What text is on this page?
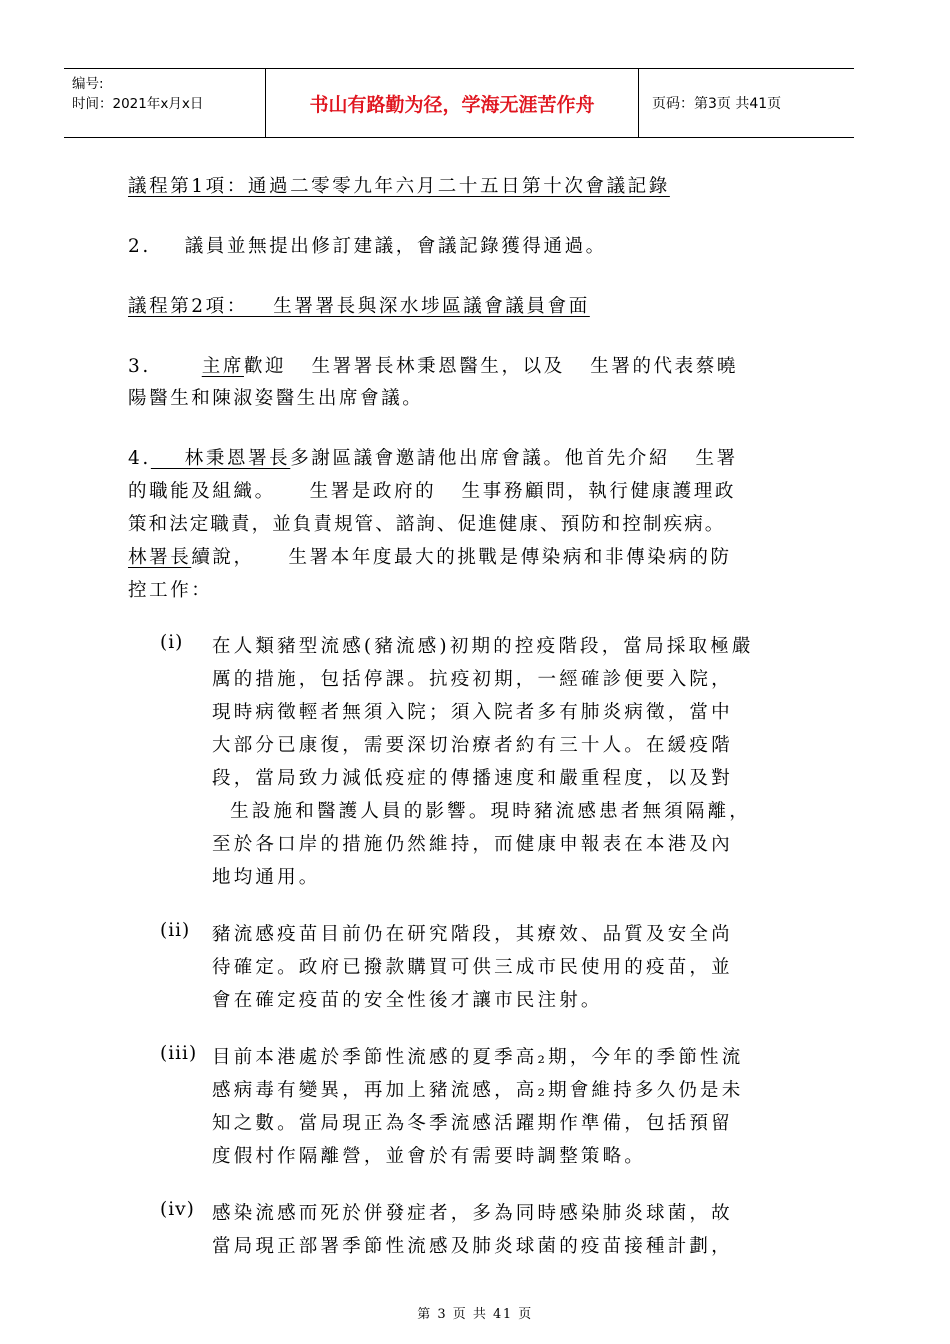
编号:
时间：2021年x月x日	书山有路勤为径，学海无涯苦作舟	页码：第3页 共41页
議程第1項：通過二零零九年六月二十五日第十次會議記錄
2.    議員並無提出修訂建議，會議記錄獲得通過。
議程第2項：   生署署長與深水埗區議會議員會面
3.      主席歡迎   生署署長林秉恩醫生，以及   生署的代表蔡曉
陽醫生和陳淑姿醫生出席會議。
4.    林秉恩署長多謝區議會邀請他出席會議。他首先介紹   生署
的職能及組織。    生署是政府的   生事務顧問，執行健康護理政
策和法定職責，並負責規管、諮詢、促進健康、預防和控制疾病。
林署長續說，    生署本年度最大的挑戰是傳染病和非傳染病的防
控工作：
(i) 在人類豬型流感(豬流感)初期的控疫階段，當局採取極嚴
厲的措施，包括停課。抗疫初期，一經確診便要入院，
現時病徵輕者無須入院；須入院者多有肺炎病徵，當中
大部分已康復，需要深切治療者約有三十人。在緩疫階
段，當局致力減低疫症的傳播速度和嚴重程度，以及對
生設施和醫護人員的影響。現時豬流感患者無須隔離，
至於各口岸的措施仍然維持，而健康申報表在本港及內
地均通用。
(ii) 豬流感疫苗目前仍在研究階段，其療效、品質及安全尚
待確定。政府已撥款購買可供三成市民使用的疫苗，並
會在確定疫苗的安全性後才讓市民注射。
(iii) 目前本港處於季節性流感的夏季高₂期，今年的季節性流
感病毒有變異，再加上豬流感，高₂期會維持多久仍是未
知之數。當局現正為冬季流感活躍期作準備，包括預留
度假村作隔離營，並會於有需要時調整策略。
(iv) 感染流感而死於併發症者，多為同時感染肺炎球菌，故
當局現正部署季節性流感及肺炎球菌的疫苗接種計劃，
第 3 页 共 41 页
